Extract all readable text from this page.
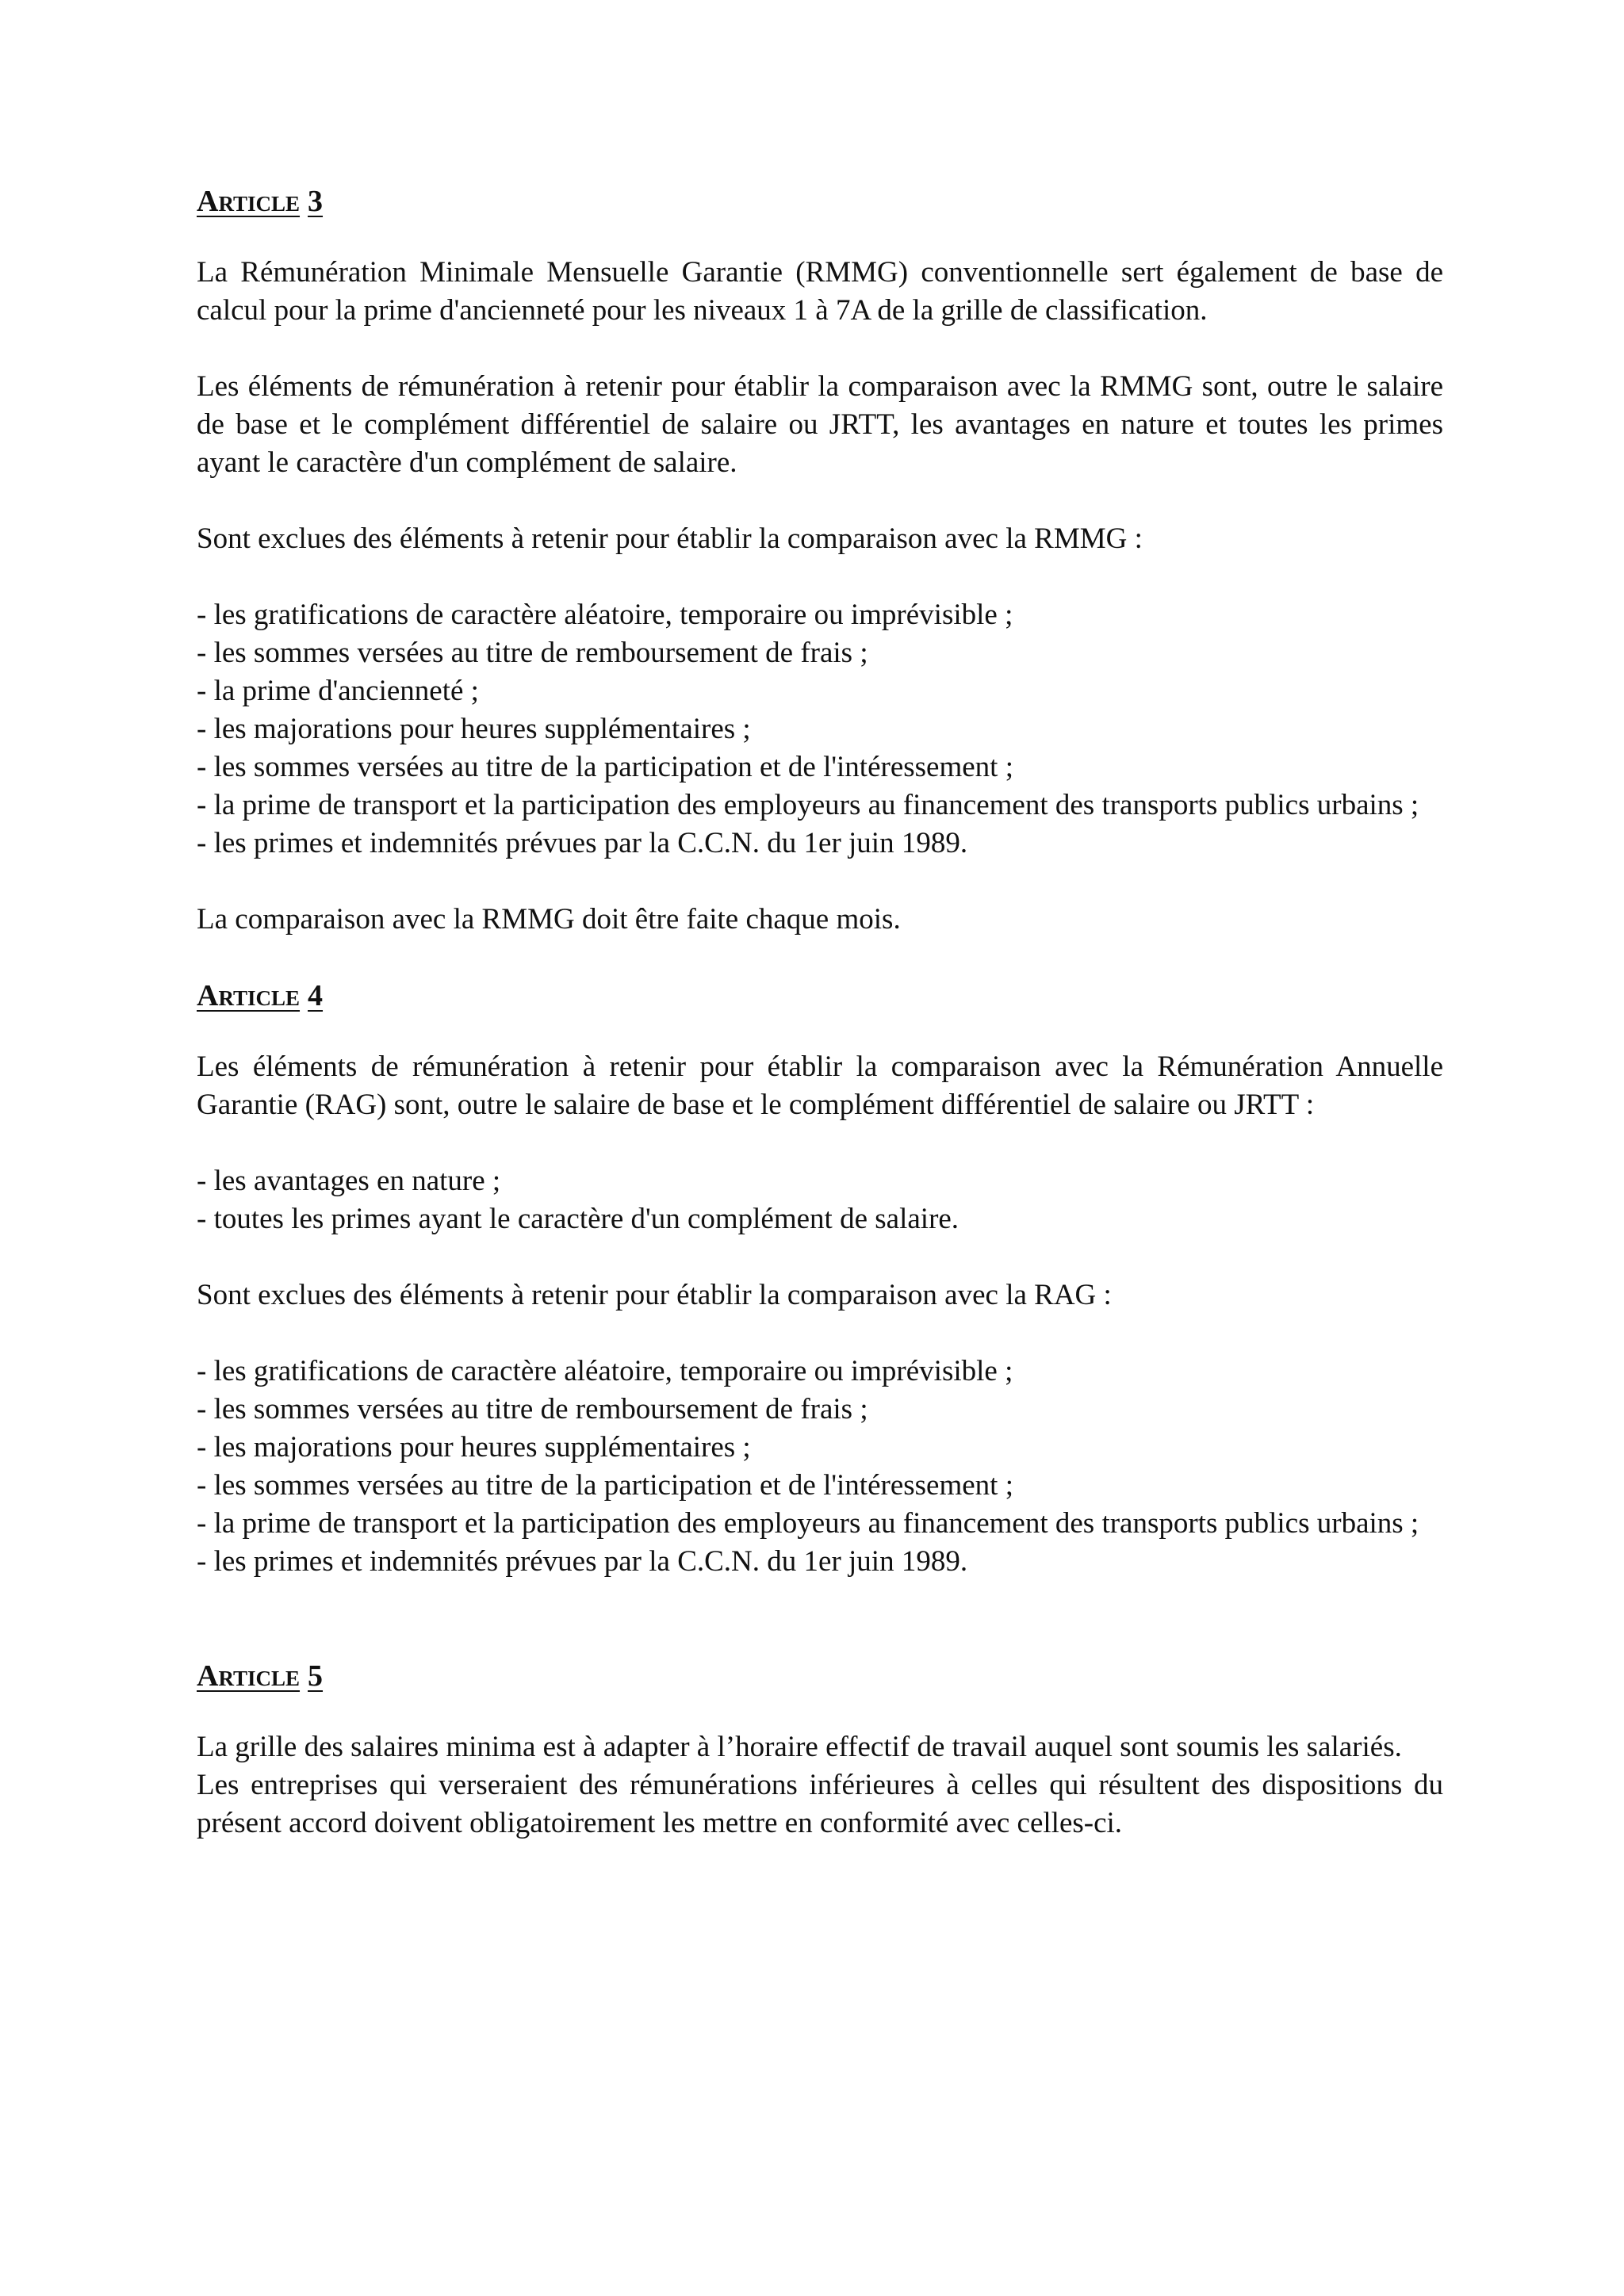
Article 3

La Rémunération Minimale Mensuelle Garantie (RMMG) conventionnelle sert également de base de calcul pour la prime d'ancienneté pour les niveaux 1 à 7A de la grille de classification.

Les éléments de rémunération à retenir pour établir la comparaison avec la RMMG sont, outre le salaire de base et le complément différentiel de salaire ou JRTT, les avantages en nature et toutes les primes ayant le caractère d'un complément de salaire.

Sont exclues des éléments à retenir pour établir la comparaison avec la RMMG :

- les gratifications de caractère aléatoire, temporaire ou imprévisible ;
- les sommes versées au titre de remboursement de frais ;
- la prime d'ancienneté ;
- les majorations pour heures supplémentaires ;
- les sommes versées au titre de la participation et de l'intéressement ;
- la prime de transport et la participation des employeurs au financement des transports publics urbains ;
- les primes et indemnités prévues par la C.C.N. du 1er juin 1989.

La comparaison avec la RMMG doit être faite chaque mois.

Article 4

Les éléments de rémunération à retenir pour établir la comparaison avec la Rémunération Annuelle Garantie (RAG) sont, outre le salaire de base et le complément différentiel de salaire ou JRTT :

- les avantages en nature ;
- toutes les primes ayant le caractère d'un complément de salaire.

Sont exclues des éléments à retenir pour établir la comparaison avec la RAG :

- les gratifications de caractère aléatoire, temporaire ou imprévisible ;
- les sommes versées au titre de remboursement de frais ;
- les majorations pour heures supplémentaires ;
- les sommes versées au titre de la participation et de l'intéressement ;
- la prime de transport et la participation des employeurs au financement des transports publics urbains ;
- les primes et indemnités prévues par la C.C.N. du 1er juin 1989.
Article 5

La grille des salaires minima est à adapter à l’horaire effectif de travail auquel sont soumis les salariés.

Les entreprises qui verseraient des rémunérations inférieures à celles qui résultent des dispositions du présent accord doivent obligatoirement les mettre en conformité avec celles-ci.
